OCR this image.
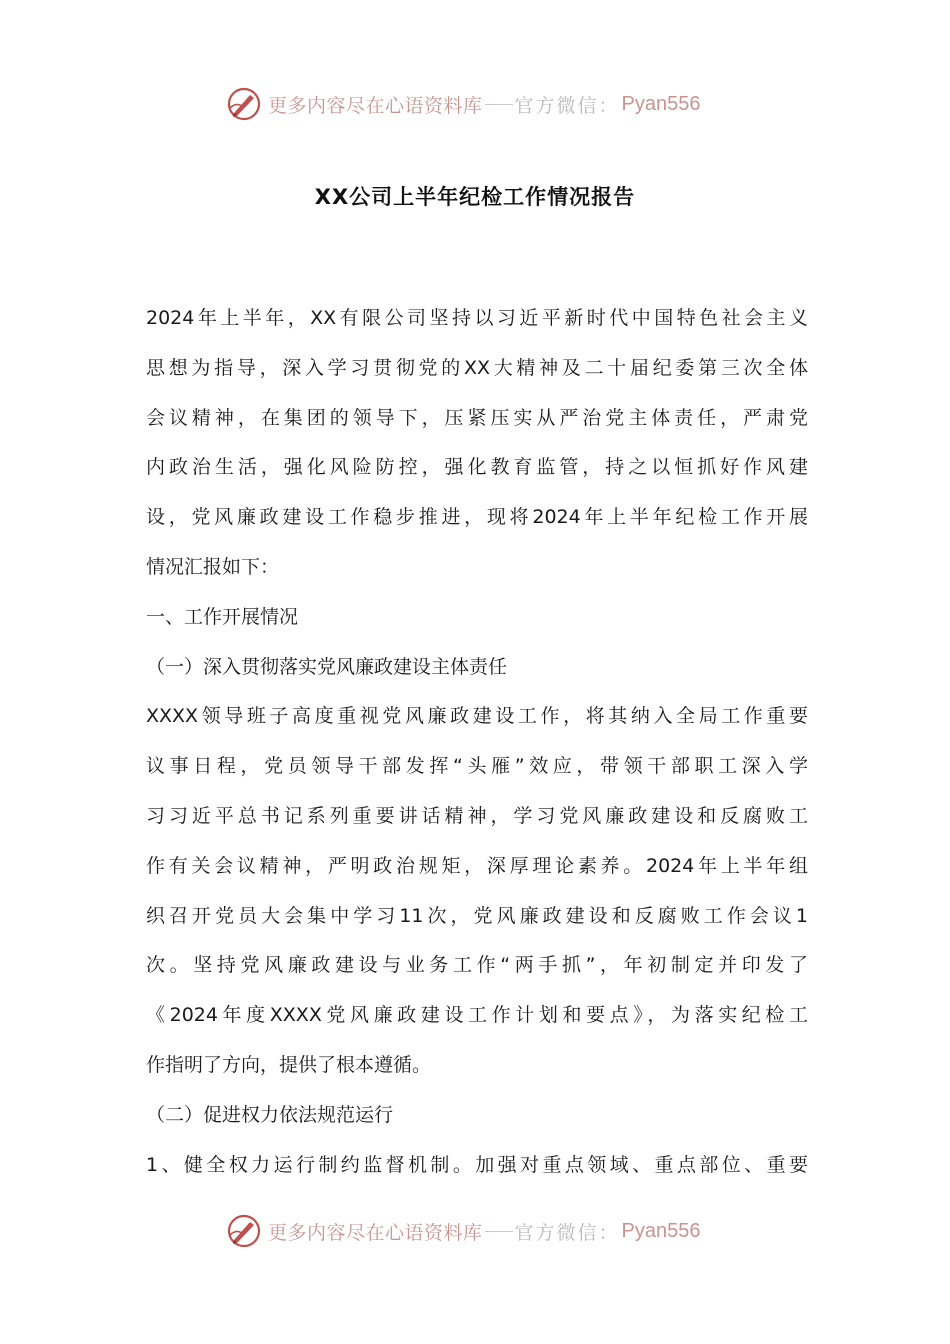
更多内容尽在心语资料库 官方微信： Pyan556
XX公司上半年纪检工作情况报告
2024年上半年，XX有限公司坚持以习近平新时代中国特色社会主义
思想为指导，深入学习贯彻党的XX大精神及二十届纪委第三次全体
会议精神，在集团的领导下，压紧压实从严治党主体责任，严肃党
内政治生活，强化风险防控，强化教育监管，持之以恒抓好作风建
设，党风廉政建设工作稳步推进，现将2024年上半年纪检工作开展
情况汇报如下：
一、工作开展情况
（一）深入贯彻落实党风廉政建设主体责任
XXXX领导班子高度重视党风廉政建设工作，将其纳入全局工作重要
议事日程，党员领导干部发挥“头雁”效应，带领干部职工深入学
习习近平总书记系列重要讲话精神，学习党风廉政建设和反腐败工
作有关会议精神，严明政治规矩，深厚理论素养。2024年上半年组
织召开党员大会集中学习11次，党风廉政建设和反腐败工作会议1
次。坚持党风廉政建设与业务工作“两手抓”，年初制定并印发了
《2024年度XXXX党风廉政建设工作计划和要点》，为落实纪检工
作指明了方向，提供了根本遵循。
（二）促进权力依法规范运行
1、健全权力运行制约监督机制。加强对重点领域、重点部位、重要
更多内容尽在心语资料库 官方微信： Pyan556
